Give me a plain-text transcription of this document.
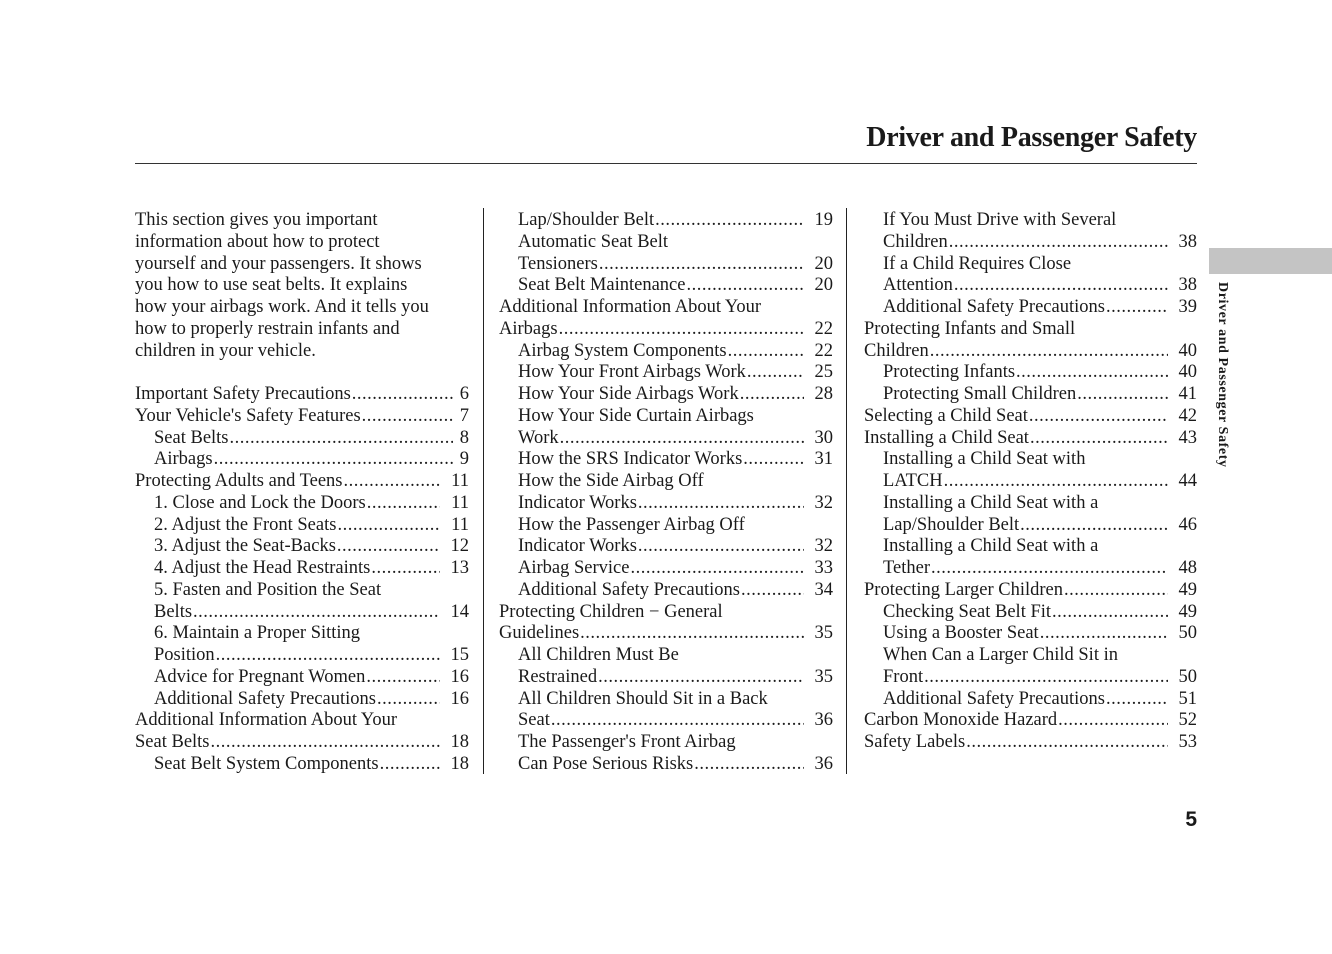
Driver and Passenger Safety
Driver and Passenger Safety
This section gives you important
information about how to protect
yourself and your passengers. It shows
you how to use seat belts. It explains
how your airbags work. And it tells you
how to properly restrain infants and
children in your vehicle.
Important Safety Precautions .....	6
Your Vehicle's Safety Features .....	7
Seat Belts .....	8
Airbags .....	9
Protecting Adults and Teens .....	11
1. Close and Lock the Doors .....	11
2. Adjust the Front Seats .....	11
3. Adjust the Seat-Backs .....	12
4. Adjust the Head Restraints .....	13
5. Fasten and Position the Seat
Belts .....	14
6. Maintain a Proper Sitting
Position .....	15
Advice for Pregnant Women .....	16
Additional Safety Precautions .....	16
Additional Information About Your
Seat Belts .....	18
Seat Belt System Components .....	18
Lap/Shoulder Belt .....	19
Automatic Seat Belt
Tensioners .....	20
Seat Belt Maintenance .....	20
Additional Information About Your
Airbags .....	22
Airbag System Components .....	22
How Your Front Airbags Work .....	25
How Your Side Airbags Work .....	28
How Your Side Curtain Airbags
Work .....	30
How the SRS Indicator Works .....	31
How the Side Airbag Off
Indicator Works .....	32
How the Passenger Airbag Off
Indicator Works .....	32
Airbag Service .....	33
Additional Safety Precautions .....	34
Protecting Children − General
Guidelines .....	35
All Children Must Be
Restrained .....	35
All Children Should Sit in a Back
Seat .....	36
The Passenger's Front Airbag
Can Pose Serious Risks .....	36
If You Must Drive with Several
Children .....	38
If a Child Requires Close
Attention .....	38
Additional Safety Precautions .....	39
Protecting Infants and Small
Children .....	40
Protecting Infants .....	40
Protecting Small Children .....	41
Selecting a Child Seat .....	42
Installing a Child Seat .....	43
Installing a Child Seat with
LATCH .....	44
Installing a Child Seat with a
Lap/Shoulder Belt .....	46
Installing a Child Seat with a
Tether .....	48
Protecting Larger Children .....	49
Checking Seat Belt Fit .....	49
Using a Booster Seat .....	50
When Can a Larger Child Sit in
Front .....	50
Additional Safety Precautions .....	51
Carbon Monoxide Hazard .....	52
Safety Labels .....	53
5
